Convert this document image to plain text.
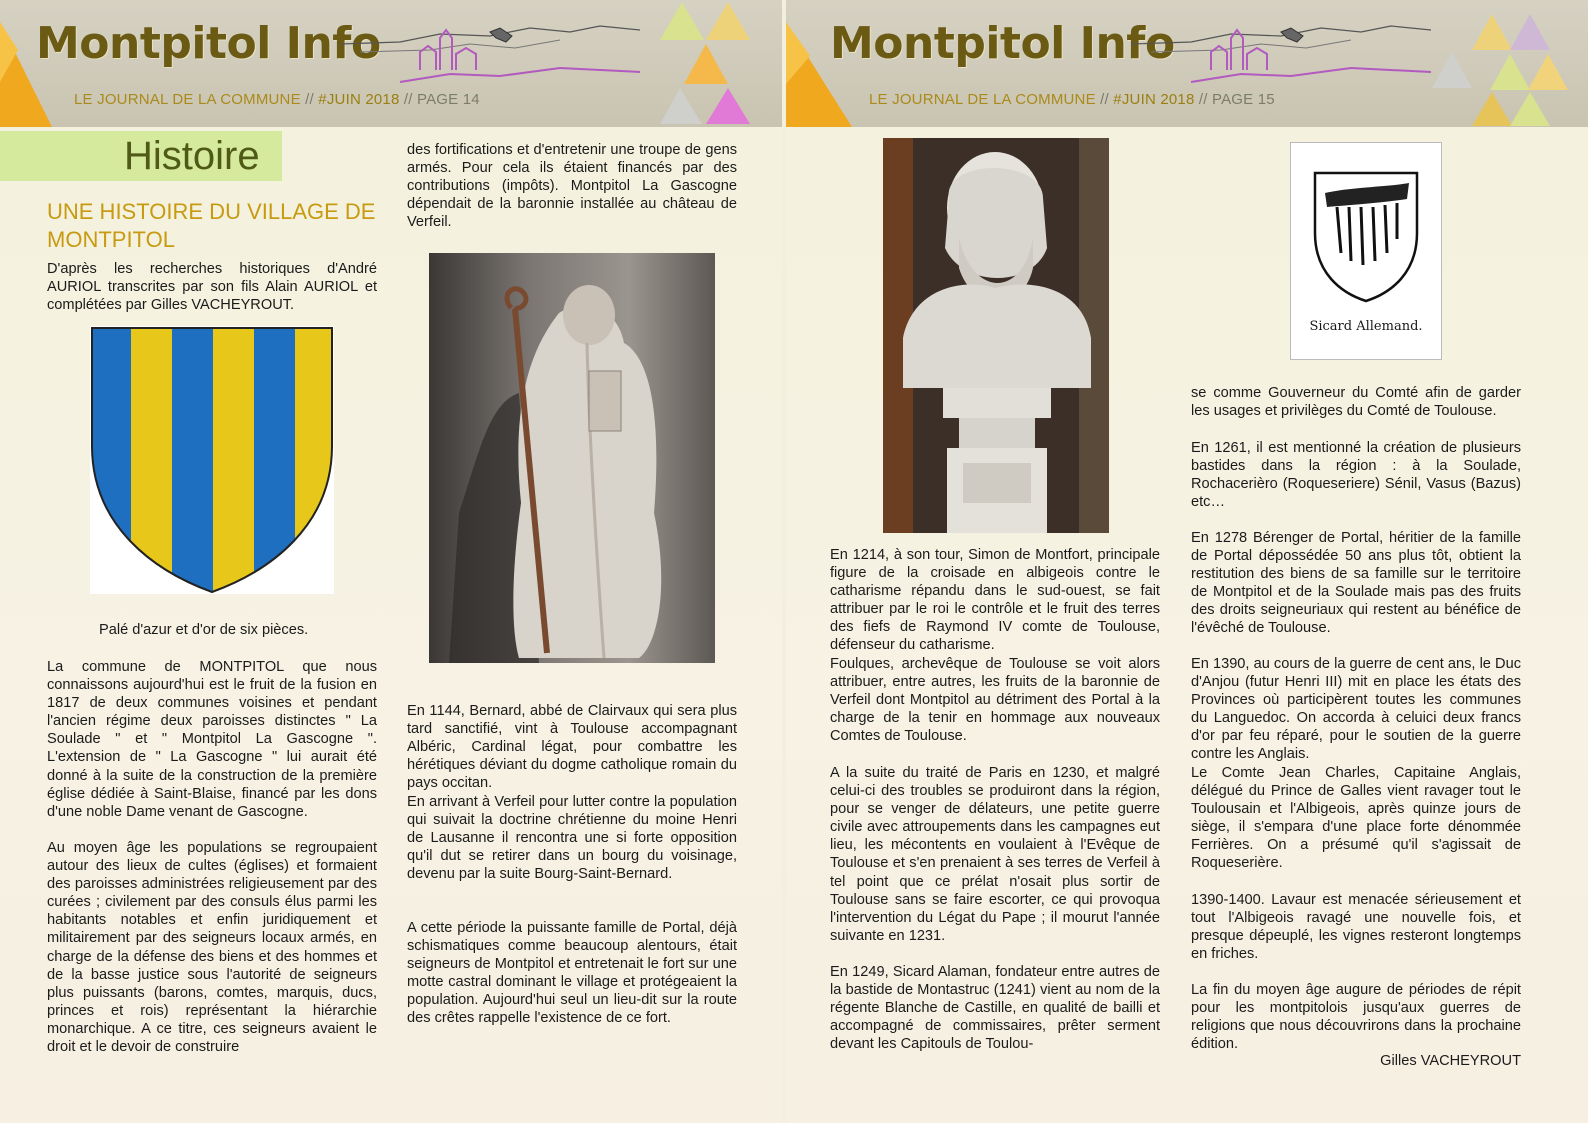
Montpitol Info
LE JOURNAL DE LA COMMUNE // #JUIN 2018 // PAGE 14
Histoire
UNE HISTOIRE DU VILLAGE DE MONTPITOL
D'après les recherches historiques d'André AURIOL transcrites par son fils Alain AURIOL et complétées par Gilles VACHEYROUT.
Palé d'azur et d'or de six pièces.
La commune de MONTPITOL que nous connaissons aujourd'hui est le fruit de la fusion en 1817 de deux communes voisines et pendant l'ancien régime deux paroisses distinctes " La Soulade " et " Montpitol La Gascogne ". L'extension de " La Gascogne " lui aurait été donné à la suite de la construction de la première église dédiée à Saint-Blaise, financé par les dons d'une noble Dame venant de Gascogne.
Au moyen âge les populations se regroupaient autour des lieux de cultes (églises) et formaient des paroisses administrées religieusement par des curées ; civilement par des consuls élus parmi les habitants notables et enfin juridiquement et militairement par des seigneurs locaux armés, en charge de la défense des biens et des hommes et de la basse justice sous l'autorité de seigneurs plus puissants (barons, comtes, marquis, ducs, princes et rois) représentant la hiérarchie monarchique. A ce titre, ces seigneurs avaient le droit et le devoir de construire
des fortifications et d'entretenir une troupe de gens armés. Pour cela ils étaient financés par des contributions (impôts). Montpitol La Gascogne dépendait de la baronnie installée au château de Verfeil.
En 1144, Bernard, abbé de Clairvaux qui sera plus tard sanctifié, vint à Toulouse accompagnant Albéric, Cardinal légat, pour combattre les hérétiques déviant du dogme catholique romain du pays occitan.
En arrivant à Verfeil pour lutter contre la population qui suivait la doctrine chrétienne du moine Henri de Lausanne il rencontra une si forte opposition qu'il dut se retirer dans un bourg du voisinage, devenu par la suite Bourg-Saint-Bernard.
A cette période la puissante famille de Portal, déjà schismatiques comme beaucoup alentours, était seigneurs de Montpitol et entretenait le fort sur une motte castral dominant le village et protégeaient la population. Aujourd'hui seul un lieu-dit sur la route des crêtes rappelle l'existence de ce fort.
Montpitol Info
LE JOURNAL DE LA COMMUNE // #JUIN 2018 // PAGE 15
Sicard Allemand.
En 1214, à son tour, Simon de Montfort, principale figure de la croisade en albigeois contre le catharisme répandu dans le sud-ouest, se fait attribuer par le roi le contrôle et le fruit des terres des fiefs de Raymond IV comte de Toulouse, défenseur du catharisme.
Foulques, archevêque de Toulouse se voit alors attribuer, entre autres, les fruits de la baronnie de Verfeil dont Montpitol au détriment des Portal à la charge de la tenir en hommage aux nouveaux Comtes de Toulouse.
A la suite du traité de Paris en 1230, et malgré celui-ci des troubles se produiront dans la région, pour se venger de délateurs, une petite guerre civile avec attroupements dans les campagnes eut lieu, les mécontents en voulaient à l'Evêque de Toulouse et s'en prenaient à ses terres de Verfeil à tel point que ce prélat n'osait plus sortir de Toulouse sans se faire escorter, ce qui provoqua l'intervention du Légat du Pape ; il mourut l'année suivante en 1231.
En 1249, Sicard Alaman, fondateur entre autres de la bastide de Montastruc (1241) vient au nom de la régente Blanche de Castille, en qualité de bailli et accompagné de commissaires, prêter serment devant les Capitouls de Toulou-
se comme Gouverneur du Comté afin de garder les usages et privilèges du Comté de Toulouse.
En 1261, il est mentionné la création de plusieurs bastides dans la région : à la Soulade, Rochacerièro (Roqueseriere) Sénil, Vasus (Bazus) etc…
En 1278 Bérenger de Portal, héritier de la famille de Portal dépossédée 50 ans plus tôt, obtient la restitution des biens de sa famille sur le territoire de Montpitol et de la Soulade mais pas des fruits des droits seigneuriaux qui restent au bénéfice de l'évêché de Toulouse.
En 1390, au cours de la guerre de cent ans, le Duc d'Anjou (futur Henri III) mit en place les états des Provinces où participèrent toutes les communes du Languedoc. On accorda à celuici deux francs d'or par feu réparé, pour le soutien de la guerre contre les Anglais.
Le Comte Jean Charles, Capitaine Anglais, délégué du Prince de Galles vient ravager tout le Toulousain et l'Albigeois, après quinze jours de siège, il s'empara d'une place forte dénommée Ferrières. On a présumé qu'il s'agissait de Roqueserière.
1390-1400. Lavaur est menacée sérieusement et tout l'Albigeois ravagé une nouvelle fois, et presque dépeuplé, les vignes resteront longtemps en friches.
La fin du moyen âge augure de périodes de répit pour les montpitolois jusqu'aux guerres de religions que nous découvrirons dans la prochaine édition.
Gilles VACHEYROUT
